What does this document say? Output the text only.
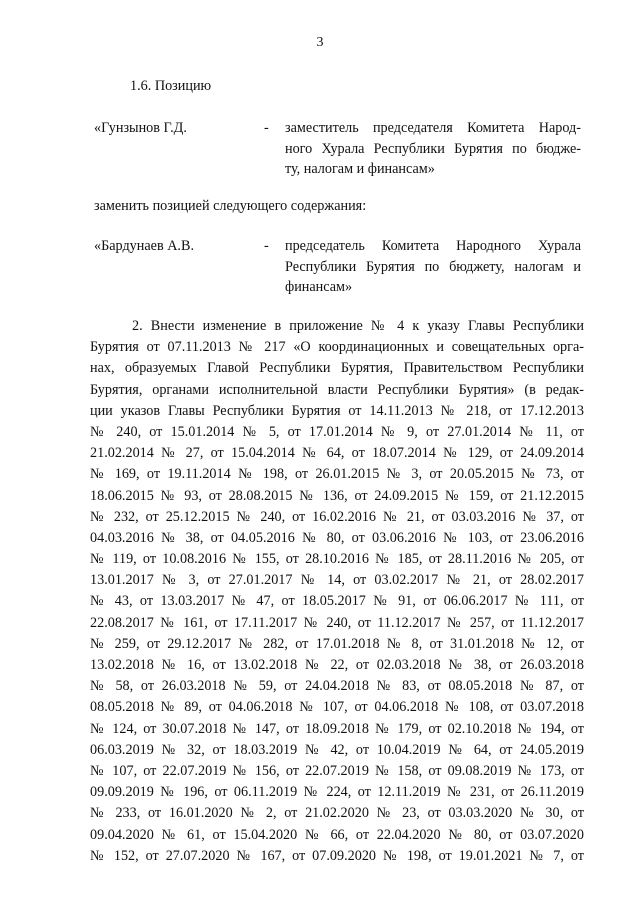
3
1.6. Позицию
«Гунзынов Г.Д.	- заместитель председателя Комитета Народ-
ного Хурала Республики Бурятия по бюдже-
ту, налогам и финансам»
заменить позицией следующего содержания:
«Бардунаев А.В.	- председатель Комитета Народного Хурала
Республики Бурятия по бюджету, налогам и
финансам»
2. Внести изменение в приложение № 4 к указу Главы Республики
Бурятия от 07.11.2013 № 217 «О координационных и совещательных орга-
нах, образуемых Главой Республики Бурятия, Правительством Республики
Бурятия, органами исполнительной власти Республики Бурятия» (в редак-
ции указов Главы Республики Бурятия от 14.11.2013 № 218, от 17.12.2013
№ 240, от 15.01.2014 № 5, от 17.01.2014 № 9, от 27.01.2014 № 11, от
21.02.2014 № 27, от 15.04.2014 № 64, от 18.07.2014 № 129, от 24.09.2014
№ 169, от 19.11.2014 № 198, от 26.01.2015 № 3, от 20.05.2015 № 73, от
18.06.2015 № 93, от 28.08.2015 № 136, от 24.09.2015 № 159, от 21.12.2015
№ 232, от 25.12.2015 № 240, от 16.02.2016 № 21, от 03.03.2016 № 37, от
04.03.2016 № 38, от 04.05.2016 № 80, от 03.06.2016 № 103, от 23.06.2016
№ 119, от 10.08.2016 № 155, от 28.10.2016 № 185, от 28.11.2016 № 205, от
13.01.2017 № 3, от 27.01.2017 № 14, от 03.02.2017 № 21, от 28.02.2017
№ 43, от 13.03.2017 № 47, от 18.05.2017 № 91, от 06.06.2017 № 111, от
22.08.2017 № 161, от 17.11.2017 № 240, от 11.12.2017 № 257, от 11.12.2017
№ 259, от 29.12.2017 № 282, от 17.01.2018 № 8, от 31.01.2018 № 12, от
13.02.2018 № 16, от 13.02.2018 № 22, от 02.03.2018 № 38, от 26.03.2018
№ 58, от 26.03.2018 № 59, от 24.04.2018 № 83, от 08.05.2018 № 87, от
08.05.2018 № 89, от 04.06.2018 № 107, от 04.06.2018 № 108, от 03.07.2018
№ 124, от 30.07.2018 № 147, от 18.09.2018 № 179, от 02.10.2018 № 194, от
06.03.2019 № 32, от 18.03.2019 № 42, от 10.04.2019 № 64, от 24.05.2019
№ 107, от 22.07.2019 № 156, от 22.07.2019 № 158, от 09.08.2019 № 173, от
09.09.2019 № 196, от 06.11.2019 № 224, от 12.11.2019 № 231, от 26.11.2019
№ 233, от 16.01.2020 № 2, от 21.02.2020 № 23, от 03.03.2020 № 30, от
09.04.2020 № 61, от 15.04.2020 № 66, от 22.04.2020 № 80, от 03.07.2020
№ 152, от 27.07.2020 № 167, от 07.09.2020 № 198, от 19.01.2021 № 7, от
